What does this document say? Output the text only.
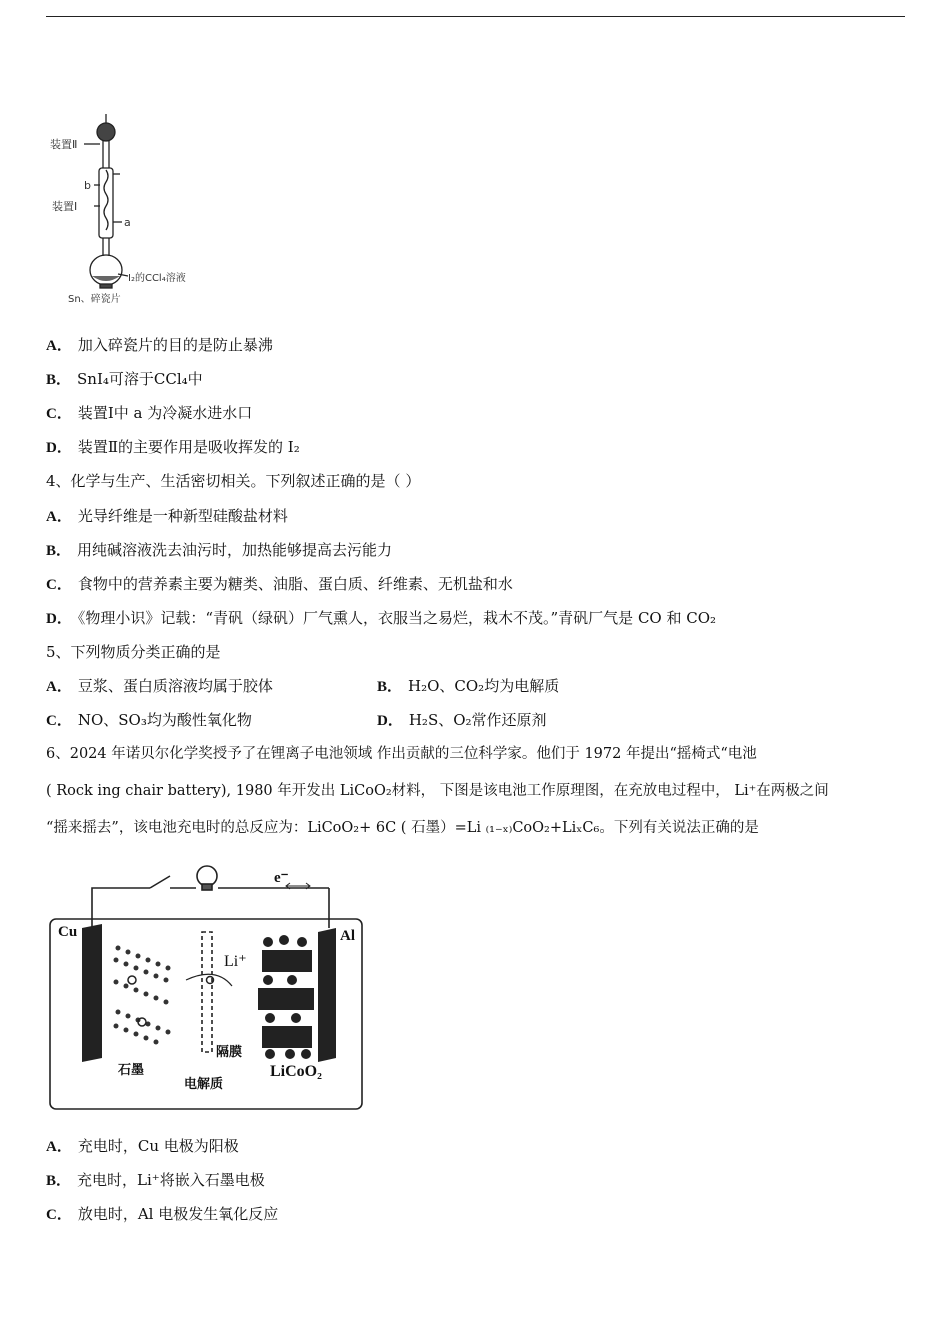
装置Ⅱ
b
装置Ⅰ
a
I₂的CCl₄溶液
Sn、碎瓷片
A． 加入碎瓷片的目的是防止暴沸
B． SnI₄可溶于CCl₄中
C． 装置Ⅰ中 a 为冷凝水进水口
D． 装置Ⅱ的主要作用是吸收挥发的 I₂
4、化学与生产、生活密切相关。下列叙述正确的是（ ）
A． 光导纤维是一种新型硅酸盐材料
B． 用纯碱溶液洗去油污时，加热能够提高去污能力
C． 食物中的营养素主要为糖类、油脂、蛋白质、纤维素、无机盐和水
D． 《物理小识》记载：“青矾（绿矾）厂气熏人，衣服当之易烂，栽木不茂。”青矾厂气是 CO 和 CO₂
5、下列物质分类正确的是
A． 豆浆、蛋白质溶液均属于胶体	B． H₂O、CO₂均为电解质
C． NO、SO₃均为酸性氧化物	D． H₂S、O₂常作还原剂
6、2024 年诺贝尔化学奖授予了在锂离子电池领域 作出贡献的三位科学家。他们于 1972 年提出“摇椅式“电池
( Rock ing chair battery), 1980 年开发出 LiCoO₂材料， 下图是该电池工作原理图，在充放电过程中， Li⁺在两极之间
“摇来摇去”，该电池充电时的总反应为：LiCoO₂+ 6C ( 石墨）=Li ₍₁₋ₓ₎CoO₂+LiₓC₆。下列有关说法正确的是
e⁻
Cu	Al
Li⁺
LiCoO₂
隔膜
石墨
电解质
A． 充电时，Cu 电极为阳极
B． 充电时，Li⁺将嵌入石墨电极
C． 放电时，Al 电极发生氧化反应
